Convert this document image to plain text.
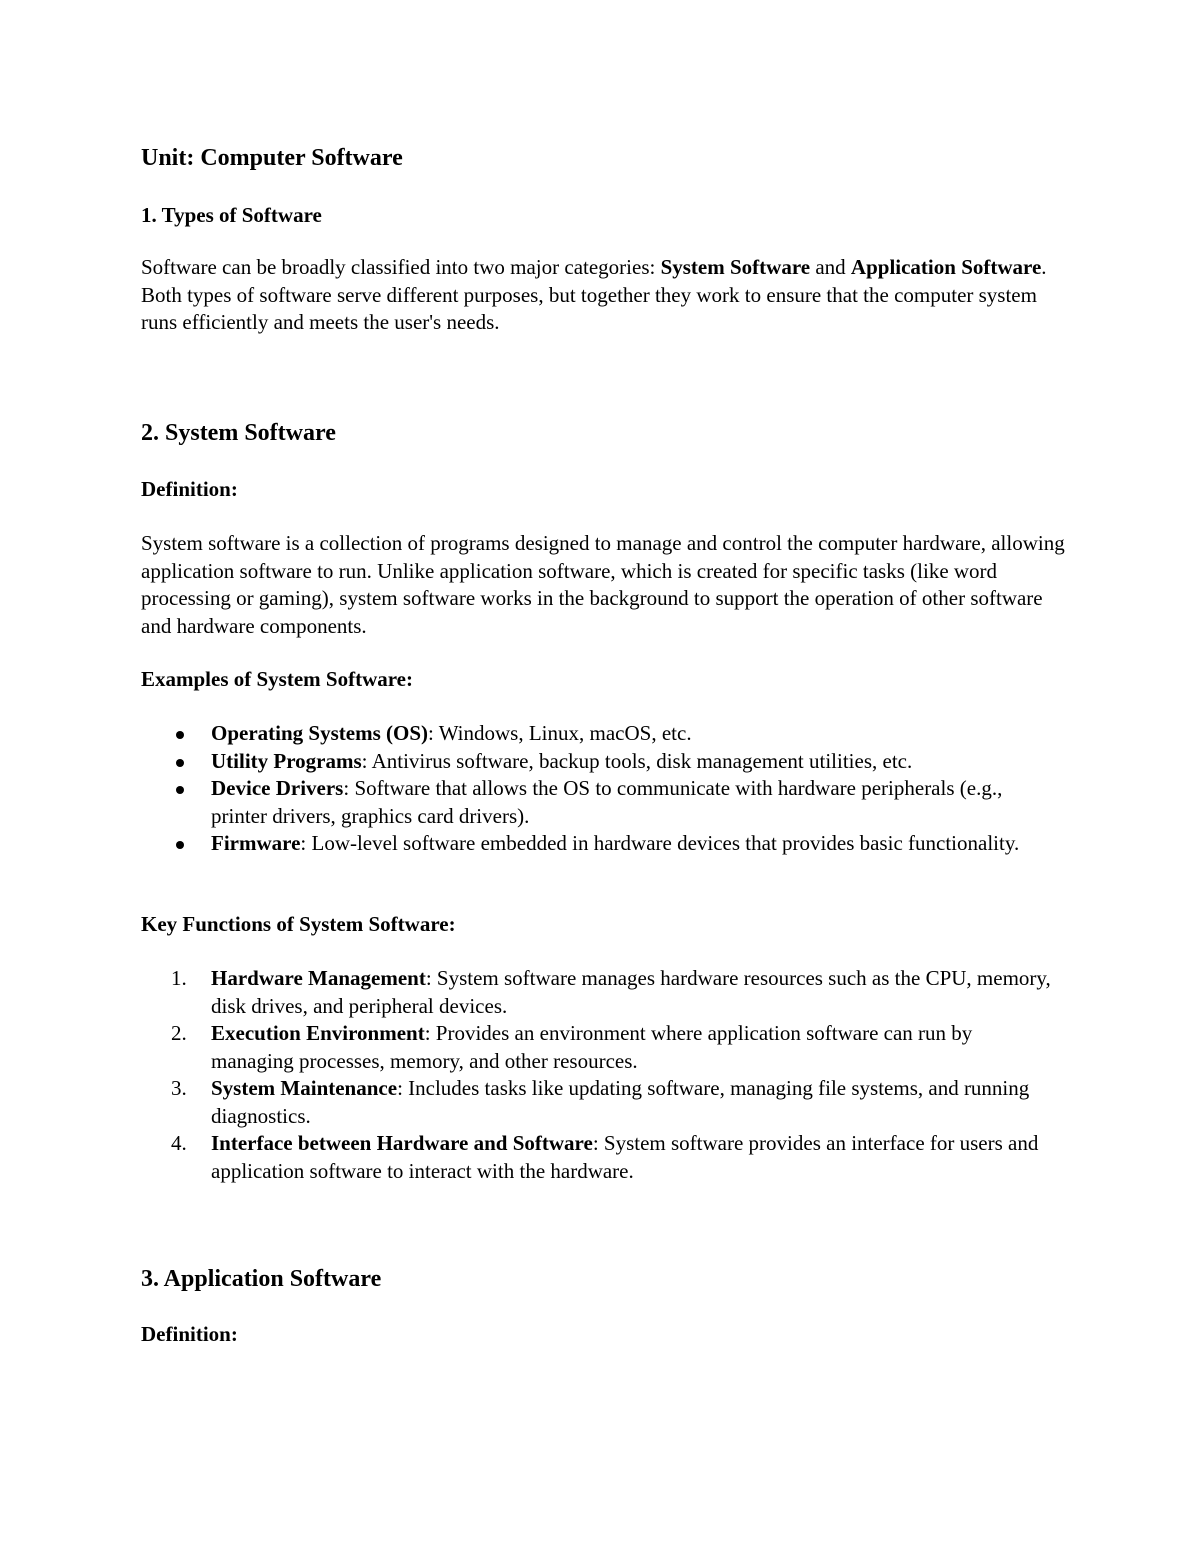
Unit: Computer Software
1. Types of Software
Software can be broadly classified into two major categories: System Software and Application Software. Both types of software serve different purposes, but together they work to ensure that the computer system runs efficiently and meets the user's needs.
2. System Software
Definition:
System software is a collection of programs designed to manage and control the computer hardware, allowing application software to run. Unlike application software, which is created for specific tasks (like word processing or gaming), system software works in the background to support the operation of other software and hardware components.
Examples of System Software:
Operating Systems (OS): Windows, Linux, macOS, etc.
Utility Programs: Antivirus software, backup tools, disk management utilities, etc.
Device Drivers: Software that allows the OS to communicate with hardware peripherals (e.g., printer drivers, graphics card drivers).
Firmware: Low-level software embedded in hardware devices that provides basic functionality.
Key Functions of System Software:
1. Hardware Management: System software manages hardware resources such as the CPU, memory, disk drives, and peripheral devices.
2. Execution Environment: Provides an environment where application software can run by managing processes, memory, and other resources.
3. System Maintenance: Includes tasks like updating software, managing file systems, and running diagnostics.
4. Interface between Hardware and Software: System software provides an interface for users and application software to interact with the hardware.
3. Application Software
Definition:
